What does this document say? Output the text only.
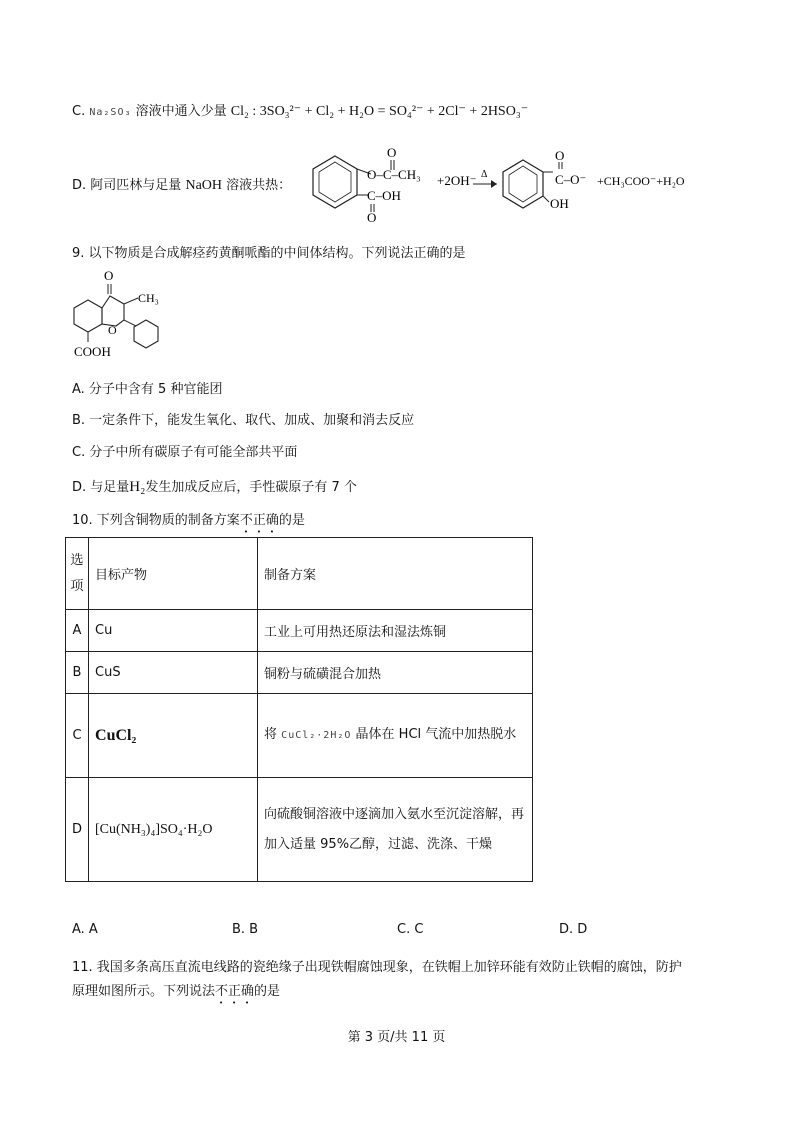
C. Na₂SO₃ 溶液中通入少量 Cl₂ : 3SO₃²⁻ + Cl₂ + H₂O = SO₄²⁻ + 2Cl⁻ + 2HSO₃⁻
D. 阿司匹林与足量 NaOH 溶液共热：
O
O–C–CH₃
C–OH
O
+2OH⁻ Δ
O
C–O⁻
OH
+CH₃COO⁻+H₂O
9. 以下物质是合成解痉药黄酮哌酯的中间体结构。下列说法正确的是
O
CH₃
O
COOH
A. 分子中含有 5 种官能团
B. 一定条件下，能发生氧化、取代、加成、加聚和消去反应
C. 分子中所有碳原子有可能全部共平面
D. 与足量H₂发生加成反应后，手性碳原子有 7 个
10. 下列含铜物质的制备方案不正确的是
选项	目标产物	制备方案
A	Cu	工业上可用热还原法和湿法炼铜
B	CuS	铜粉与硫磺混合加热
C	CuCl₂	将 CuCl₂·2H₂O 晶体在 HCl 气流中加热脱水
D	[Cu(NH₃)₄]SO₄·H₂O	向硫酸铜溶液中逐滴加入氨水至沉淀溶解，再加入适量 95%乙醇，过滤、洗涤、干燥
A. A	B. B	C. C	D. D
11. 我国多条高压直流电线路的瓷绝缘子出现铁帽腐蚀现象，在铁帽上加锌环能有效防止铁帽的腐蚀，防护
原理如图所示。下列说法不正确的是
第 3 页/共 11 页
